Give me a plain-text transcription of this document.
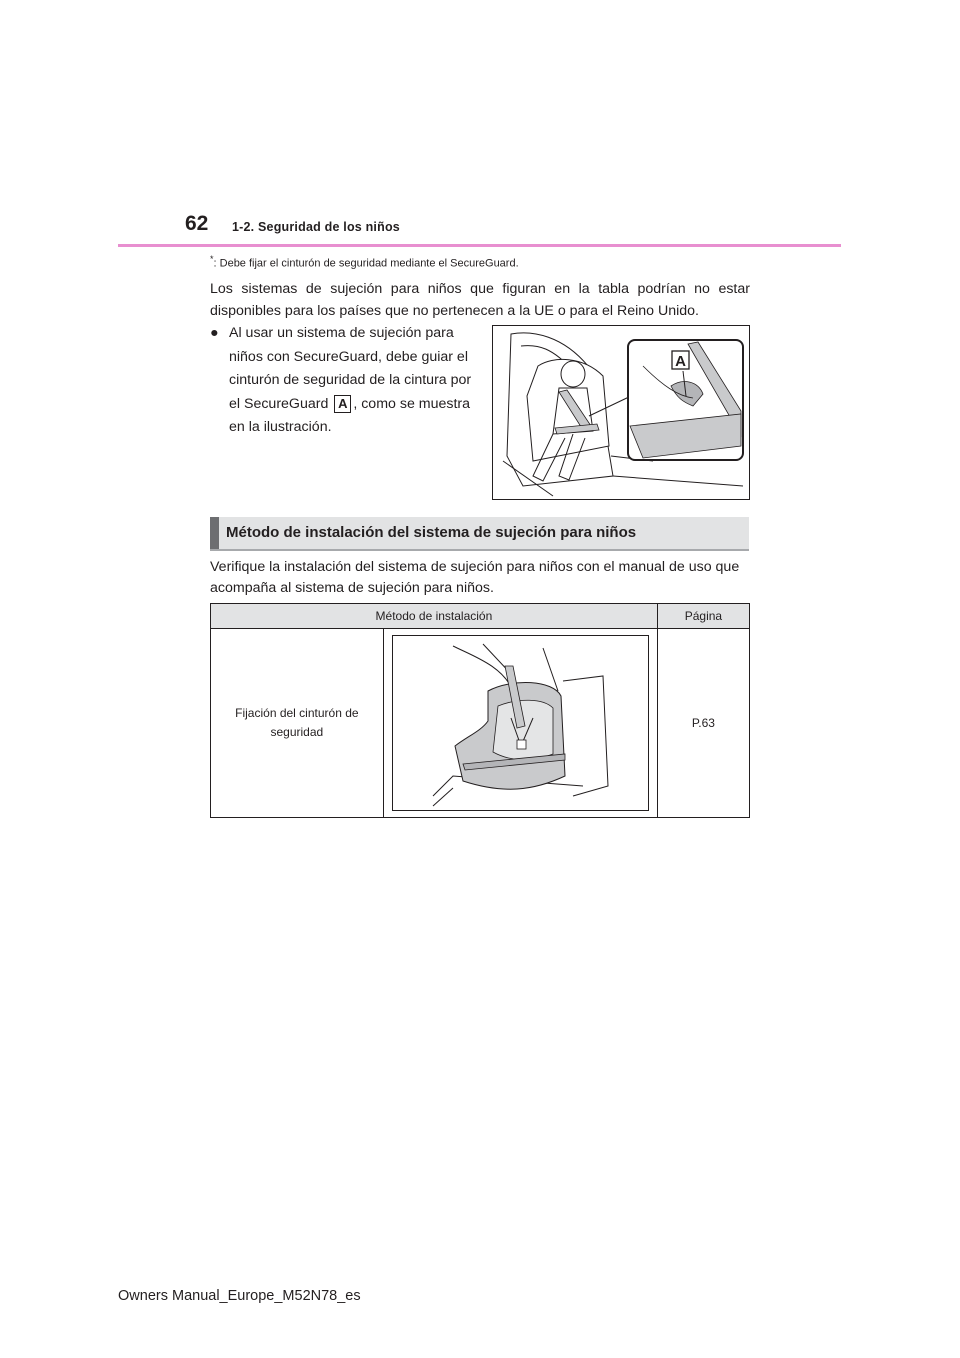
62 1-2. Seguridad de los niños
*: Debe fijar el cinturón de seguridad mediante el SecureGuard.
Los sistemas de sujeción para niños que figuran en la tabla podrían no estar disponibles para los países que no pertenecen a la UE o para el Reino Unido.
● Al usar un sistema de sujeción para niños con SecureGuard, debe guiar el cinturón de seguridad de la cintura por el SecureGuard A , como se muestra en la ilustración.
A
Método de instalación del sistema de sujeción para niños
Verifique la instalación del sistema de sujeción para niños con el manual de uso que acompaña al sistema de sujeción para niños.
Método de instalación		Página

Fijación del cinturón de seguridad		P.63
Owners Manual_Europe_M52N78_es
